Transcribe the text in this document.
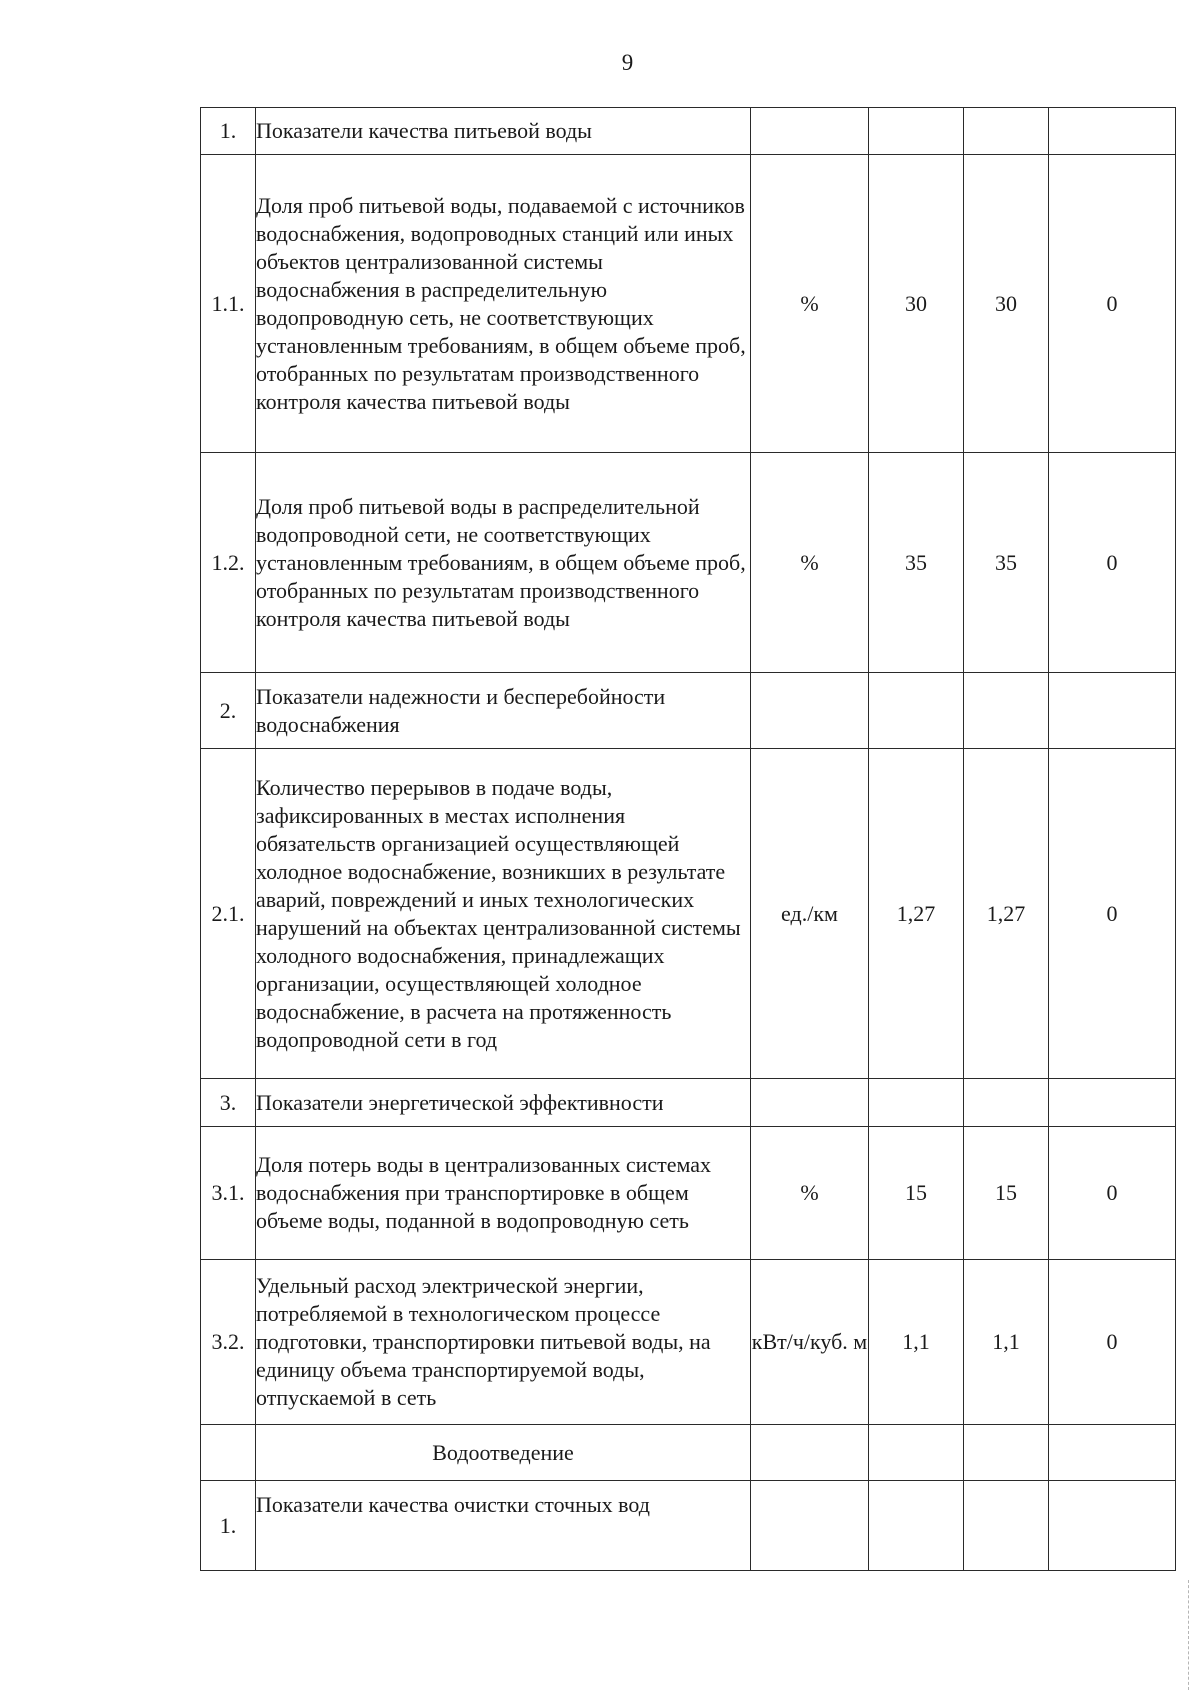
9
1.	Показатели качества питьевой воды				
1.1.	Доля проб питьевой воды, подаваемой с источников водоснабжения, водопроводных станций или иных объектов централизованной системы водоснабжения в распределительную водопроводную сеть, не соответствующих установленным требованиям, в общем объеме проб, отобранных по результатам производственного контроля качества питьевой воды	%	30	30	0
1.2.	Доля проб питьевой воды в распределительной водопроводной сети, не соответствующих установленным требованиям, в общем объеме проб, отобранных по результатам производственного контроля качества питьевой воды	%	35	35	0
2.	Показатели надежности и бесперебойности водоснабжения				
2.1.	Количество перерывов в подаче воды, зафиксированных в местах исполнения обязательств организацией осуществляющей холодное водоснабжение, возникших в результате аварий, повреждений и иных технологических нарушений на объектах централизованной системы холодного водоснабжения, принадлежащих организации, осуществляющей холодное водоснабжение, в расчета на протяженность водопроводной сети в год	ед./км	1,27	1,27	0
3.	Показатели энергетической эффективности				
3.1.	Доля потерь воды в централизованных системах водоснабжения при транспортировке в общем объеме воды, поданной в водопроводную сеть	%	15	15	0
3.2.	Удельный расход электрической энергии, потребляемой в технологическом процессе подготовки, транспортировки питьевой воды, на единицу объема транспортируемой воды, отпускаемой в сеть	кВт/ч/куб. м	1,1	1,1	0
	Водоотведение				
1.	Показатели качества очистки сточных вод				
